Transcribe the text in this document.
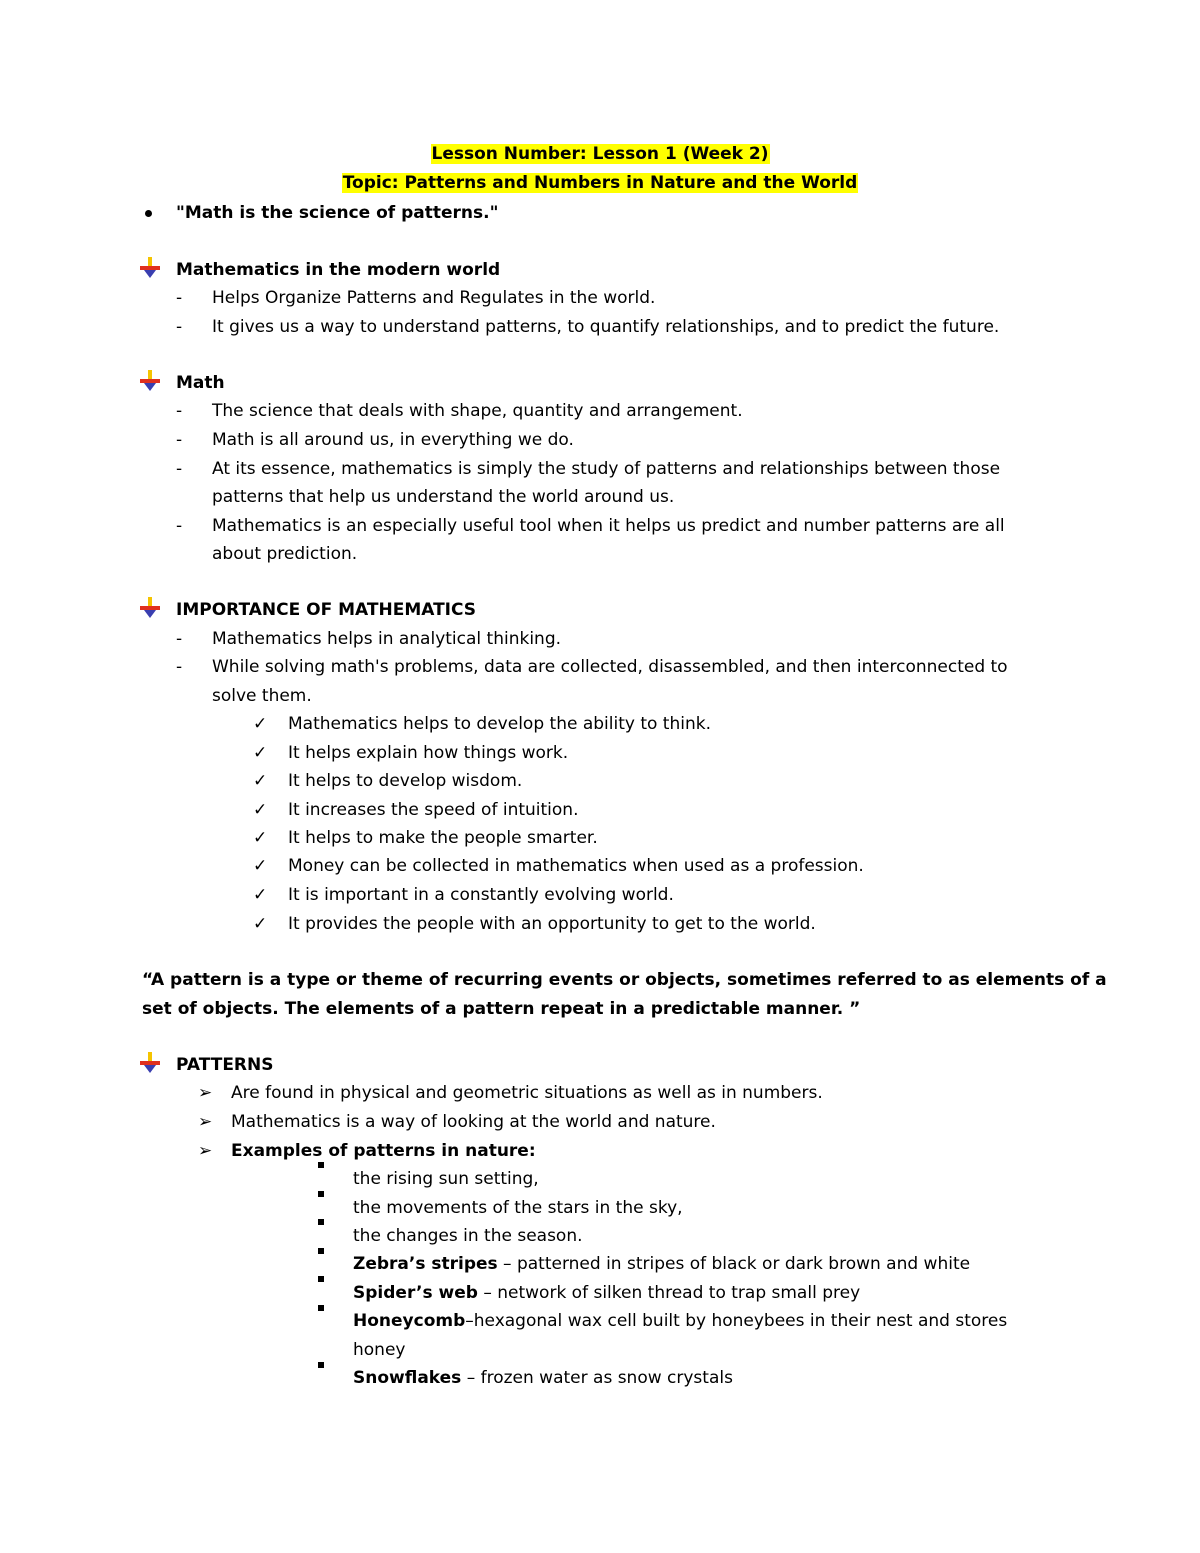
Lesson Number: Lesson 1 (Week 2)
Topic: Patterns and Numbers in Nature and the World
"Math is the science of patterns."
Mathematics in the modern world
- Helps Organize Patterns and Regulates in the world.
- It gives us a way to understand patterns, to quantify relationships, and to predict the future.
Math
- The science that deals with shape, quantity and arrangement.
- Math is all around us, in everything we do.
- At its essence, mathematics is simply the study of patterns and relationships between those
patterns that help us understand the world around us.
- Mathematics is an especially useful tool when it helps us predict and number patterns are all
about prediction.
IMPORTANCE OF MATHEMATICS
- Mathematics helps in analytical thinking.
- While solving math's problems, data are collected, disassembled, and then interconnected to
solve them.
✓ Mathematics helps to develop the ability to think.
✓ It helps explain how things work.
✓ It helps to develop wisdom.
✓ It increases the speed of intuition.
✓ It helps to make the people smarter.
✓ Money can be collected in mathematics when used as a profession.
✓ It is important in a constantly evolving world.
✓ It provides the people with an opportunity to get to the world.
“A pattern is a type or theme of recurring events or objects, sometimes referred to as elements of a
set of objects. The elements of a pattern repeat in a predictable manner. ”
PATTERNS
➢ Are found in physical and geometric situations as well as in numbers.
➢ Mathematics is a way of looking at the world and nature.
➢ Examples of patterns in nature:
the rising sun setting,
the movements of the stars in the sky,
the changes in the season.
Zebra’s stripes – patterned in stripes of black or dark brown and white
Spider’s web – network of silken thread to trap small prey
Honeycomb–hexagonal wax cell built by honeybees in their nest and stores
honey
Snowflakes – frozen water as snow crystals
